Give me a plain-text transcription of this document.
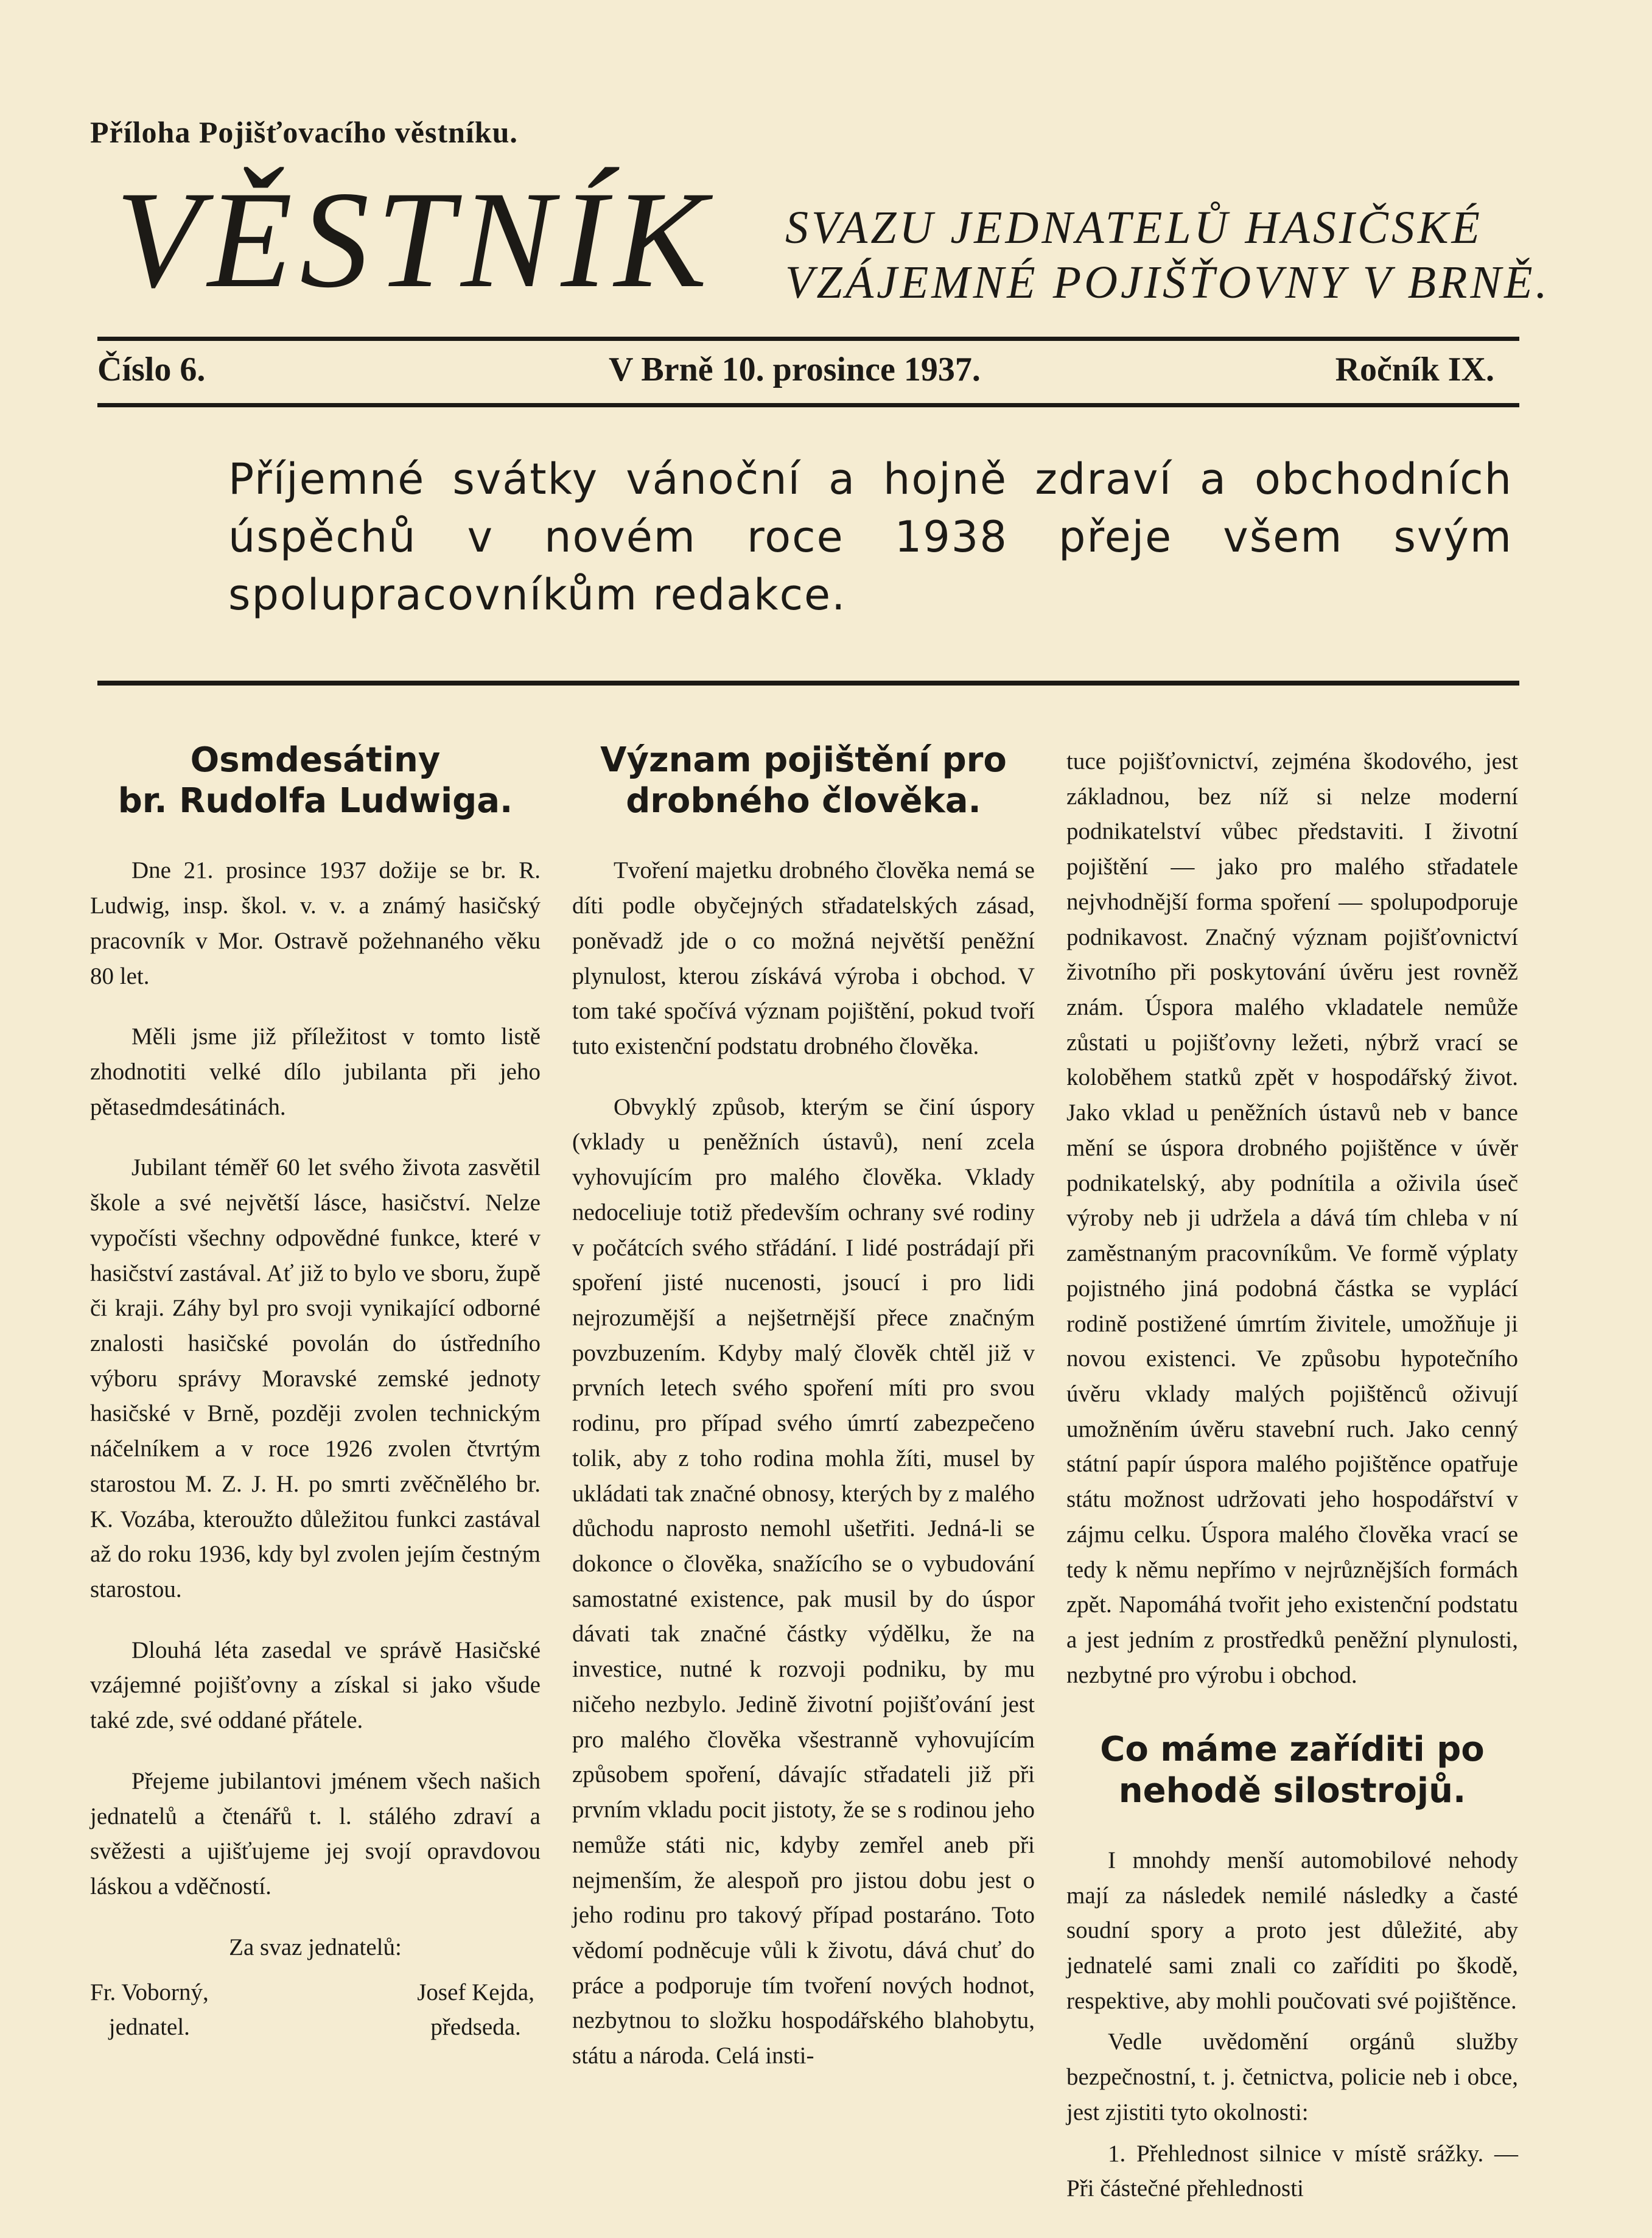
Příloha Pojišťovacího věstníku.
VĚSTNÍK SVAZU JEDNATELŮ HASIČSKÉ
VZÁJEMNÉ POJIŠŤOVNY V BRNĚ.
Číslo 6.	V Brně 10. prosince 1937.	Ročník IX.
Příjemné svátky vánoční a hojně zdraví a obchodních úspěchů v novém roce 1938 přeje všem svým spolupracovníkům redakce.
Osmdesátiny
br. Rudolfa Ludwiga.

Dne 21. prosince 1937 dožije se br. R. Ludwig, insp. škol. v. v. a známý hasičský pracovník v Mor. Ostravě požehnaného věku 80 let.

Měli jsme již příležitost v tomto listě zhodnotiti velké dílo jubilanta při jeho pětasedmdesátinách.

Jubilant téměř 60 let svého života zasvětil škole a své největší lásce, hasičství. Nelze vypočísti všechny odpovědné funkce, které v hasičství zastával. Ať již to bylo ve sboru, župě či kraji. Záhy byl pro svoji vynikající odborné znalosti hasičské povolán do ústředního výboru správy Moravské zemské jednoty hasičské v Brně, později zvolen technickým náčelníkem a v roce 1926 zvolen čtvrtým starostou M. Z. J. H. po smrti zvěčnělého br. K. Vozába, kteroužto důležitou funkci zastával až do roku 1936, kdy byl zvolen jejím čestným starostou.

Dlouhá léta zasedal ve správě Hasičské vzájemné pojišťovny a získal si jako všude také zde, své oddané přátele.

Přejeme jubilantovi jménem všech našich jednatelů a čtenářů t. l. stálého zdraví a svěžesti a ujišťujeme jej svojí opravdovou láskou a vděčností.

Za svaz jednatelů:
Fr. Voborný,
jednatel.
Josef Kejda,
předseda.
Význam pojištění pro
drobného člověka.

Tvoření majetku drobného člověka nemá se díti podle obyčejných střadatelských zásad, poněvadž jde o co možná největší peněžní plynulost, kterou získává výroba i obchod. V tom také spočívá význam pojištění, pokud tvoří tuto existenční podstatu drobného člověka.

Obvyklý způsob, kterým se činí úspory (vklady u peněžních ústavů), není zcela vyhovujícím pro malého člověka. Vklady nedoceliuje totiž především ochrany své rodiny v počátcích svého střádání. I lidé postrádají při spoření jisté nucenosti, jsoucí i pro lidi nejrozumější a nejšetrnější přece značným povzbuzením. Kdyby malý člověk chtěl již v prvních letech svého spoření míti pro svou rodinu, pro případ svého úmrtí zabezpečeno tolik, aby z toho rodina mohla žíti, musel by ukládati tak značné obnosy, kterých by z malého důchodu naprosto nemohl ušetřiti. Jedná-li se dokonce o člověka, snažícího se o vybudování samostatné existence, pak musil by do úspor dávati tak značné částky výdělku, že na investice, nutné k rozvoji podniku, by mu ničeho nezbylo. Jedině životní pojišťování jest pro malého člověka všestranně vyhovujícím způsobem spoření, dávajíc střadateli již při prvním vkladu pocit jistoty, že se s rodinou jeho nemůže státi nic, kdyby zemřel aneb při nejmenším, že alespoň pro jistou dobu jest o jeho rodinu pro takový případ postaráno. Toto vědomí podněcuje vůli k životu, dává chuť do práce a podporuje tím tvoření nových hodnot, nezbytnou to složku hospodářského blahobytu, státu a národa. Celá insti-

tuce pojišťovnictví, zejména škodového, jest základnou, bez níž si nelze moderní podnikatelství vůbec představiti. I životní pojištění — jako pro malého střadatele nejvhodnější forma spoření — spolupodporuje podnikavost. Značný význam pojišťovnictví životního při poskytování úvěru jest rovněž znám. Úspora malého vkladatele nemůže zůstati u pojišťovny ležeti, nýbrž vrací se koloběhem statků zpět v hospodářský život. Jako vklad u peněžních ústavů neb v bance mění se úspora drobného pojištěnce v úvěr podnikatelský, aby podnítila a oživila úseč výroby neb ji udržela a dává tím chleba v ní zaměstnaným pracovníkům. Ve formě výplaty pojistného jiná podobná částka se vyplácí rodině postižené úmrtím živitele, umožňuje ji novou existenci. Ve způsobu hypotečního úvěru vklady malých pojištěnců oživují umožněním úvěru stavební ruch. Jako cenný státní papír úspora malého pojištěnce opatřuje státu možnost udržovati jeho hospodářství v zájmu celku. Úspora malého člověka vrací se tedy k němu nepřímo v nejrůznějších formách zpět. Napomáhá tvořit jeho existenční podstatu a jest jedním z prostředků peněžní plynulosti, nezbytné pro výrobu i obchod.

Co máme zaříditi po
nehodě silostrojů.

I mnohdy menší automobilové nehody mají za následek nemilé následky a časté soudní spory a proto jest důležité, aby jednatelé sami znali co zaříditi po škodě, respektive, aby mohli poučovati své pojištěnce.

Vedle uvědomění orgánů služby bezpečnostní, t. j. četnictva, policie neb i obce, jest zjistiti tyto okolnosti:

1. Přehlednost silnice v místě srážky. — Při částečné přehlednosti
